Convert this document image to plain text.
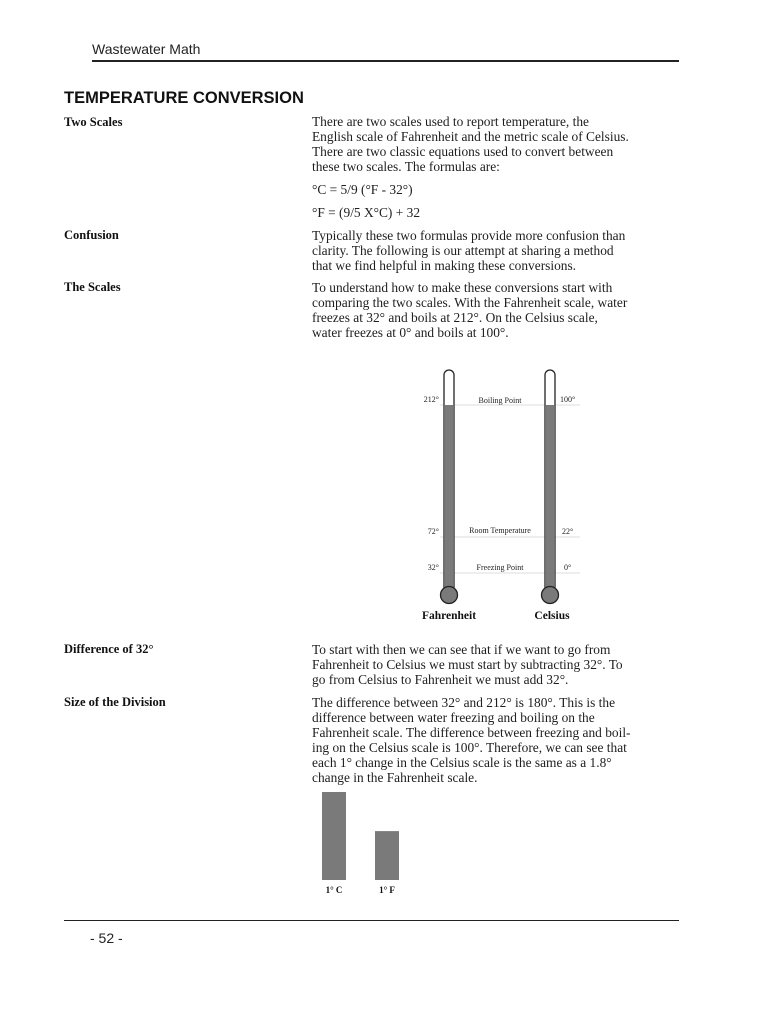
Wastewater Math
TEMPERATURE CONVERSION
Two Scales	There are two scales used to report temperature, the
English scale of Fahrenheit and the metric scale of Celsius.
There are two classic equations used to convert between
these two scales. The formulas are:
°C = 5/9 (°F - 32°)
°F = (9/5 X°C) + 32
Confusion	Typically these two formulas provide more confusion than
clarity. The following is our attempt at sharing a method
that we find helpful in making these conversions.
The Scales	To understand how to make these conversions start with
comparing the two scales. With the Fahrenheit scale, water
freezes at 32° and boils at 212°. On the Celsius scale,
water freezes at 0° and boils at 100°.
212°	Boiling Point	100°
72°	Room Temperature	22°
32°	Freezing Point	0°
Fahrenheit	Celsius
Difference of 32°	To start with then we can see that if we want to go from
Fahrenheit to Celsius we must start by subtracting 32°. To
go from Celsius to Fahrenheit we must add 32°.
Size of the Division	The difference between 32° and 212° is 180°. This is the
difference between water freezing and boiling on the
Fahrenheit scale. The difference between freezing and boil-
ing on the Celsius scale is 100°. Therefore, we can see that
each 1° change in the Celsius scale is the same as a 1.8°
change in the Fahrenheit scale.
1° C	1° F
- 52 -
